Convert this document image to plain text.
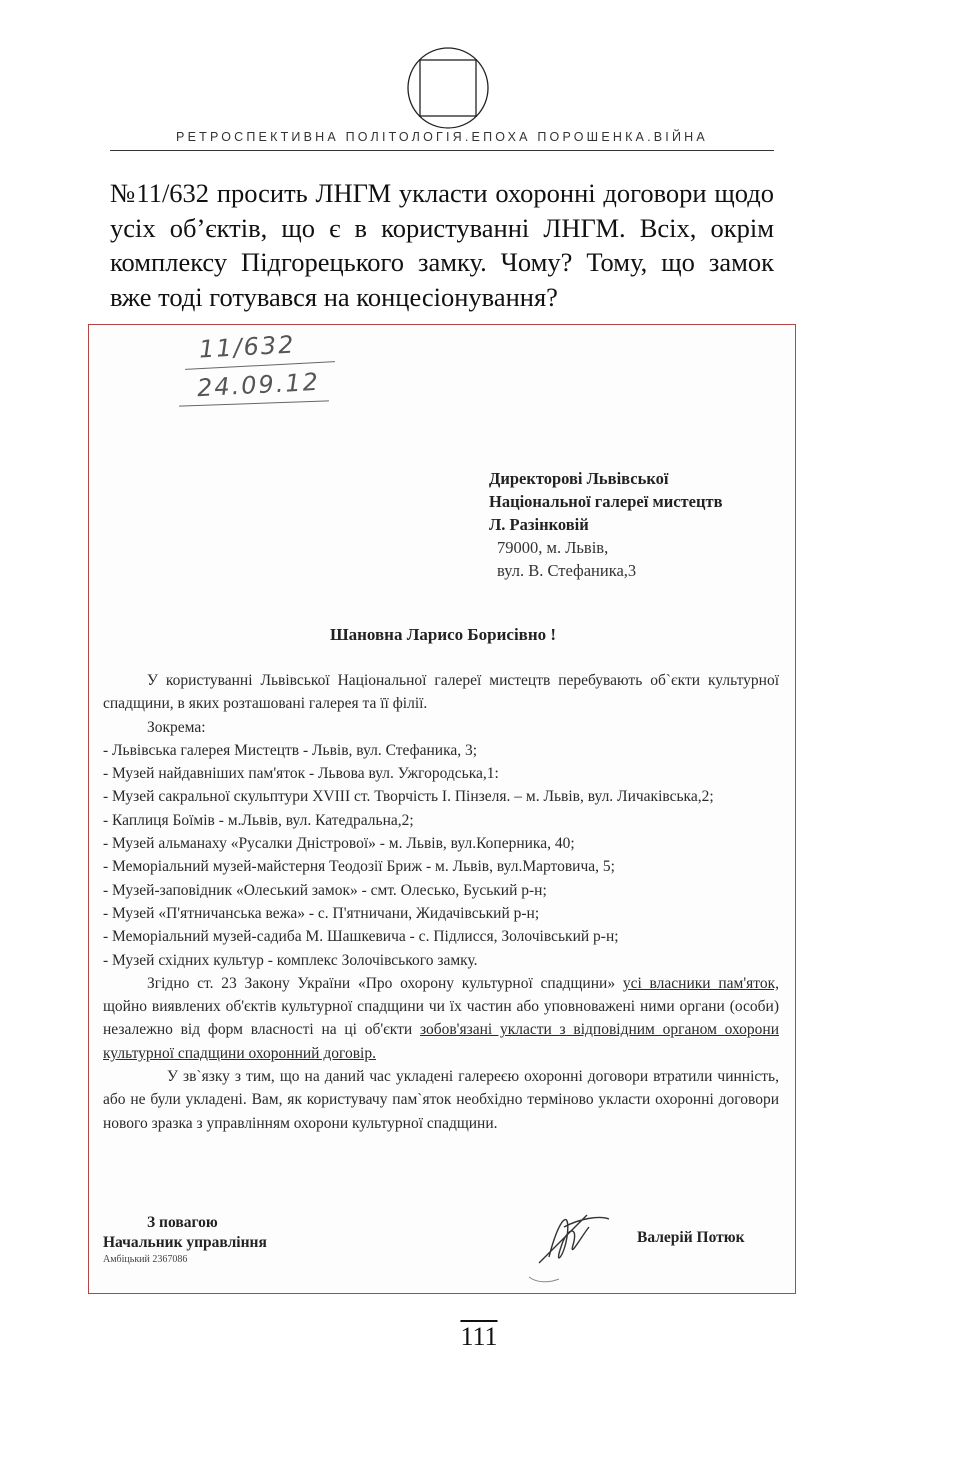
РЕТРОСПЕКТИВНА ПОЛІТОЛОГІЯ.ЕПОХА ПОРОШЕНКА.ВІЙНА
№11/632 просить ЛНГМ укласти охоронні договори щодо усіх об’єктів, що є в користуванні ЛНГМ. Всіх, окрім комплексу Підгорецького замку. Чому? Тому, що замок вже тоді готувався на концесіонування?
11/632
24.09.12
Директорові Львівської
Національної галереї мистецтв
Л. Разінковій
79000, м. Львів,
вул. В. Стефаника,3
Шановна Ларисо Борисівно !

У користуванні Львівської Національної галереї мистецтв перебувають об`єкти культурної спадщини, в яких розташовані галерея та її філії.

Зокрема:

- Львівська галерея Мистецтв - Львів, вул. Стефаника, 3;
- Музей найдавніших пам'яток - Львова вул. Ужгородська,1:
- Музей сакральної скульптури XVIII ст. Творчість І. Пінзеля. – м. Львів, вул. Личаківська,2;
- Каплиця Боїмів - м.Львів, вул. Катедральна,2;
- Музей альманаху «Русалки Дністрової» - м. Львів, вул.Коперника, 40;
- Меморіальний музей-майстерня Теодозії Бриж - м. Львів, вул.Мартовича, 5;
- Музей-заповідник «Олеський замок» - смт. Олесько, Буський р-н;
- Музей «П'ятничанська вежа» - с. П'ятничани, Жидачівський р-н;
- Меморіальний музей-садиба М. Шашкевича - с. Підлисся, Золочівський р-н;
- Музей східних культур - комплекс Золочівського замку.

Згідно ст. 23 Закону України «Про охорону культурної спадщини» усі власники пам'яток, щойно виявлених об'єктів культурної спадщини чи їх частин або уповноважені ними органи (особи) незалежно від форм власності на ці об'єкти зобов'язані укласти з відповідним органом охорони культурної спадщини охоронний договір.

У зв`язку з тим, що на даний час укладені галереєю охоронні договори втратили чинність, або не були укладені. Вам, як користувачу пам`яток необхідно терміново укласти охоронні договори нового зразка з управлінням охорони культурної спадщини.

З повагою
Начальник управління
Амбіцький 2367086
Валерій Потюк
111
